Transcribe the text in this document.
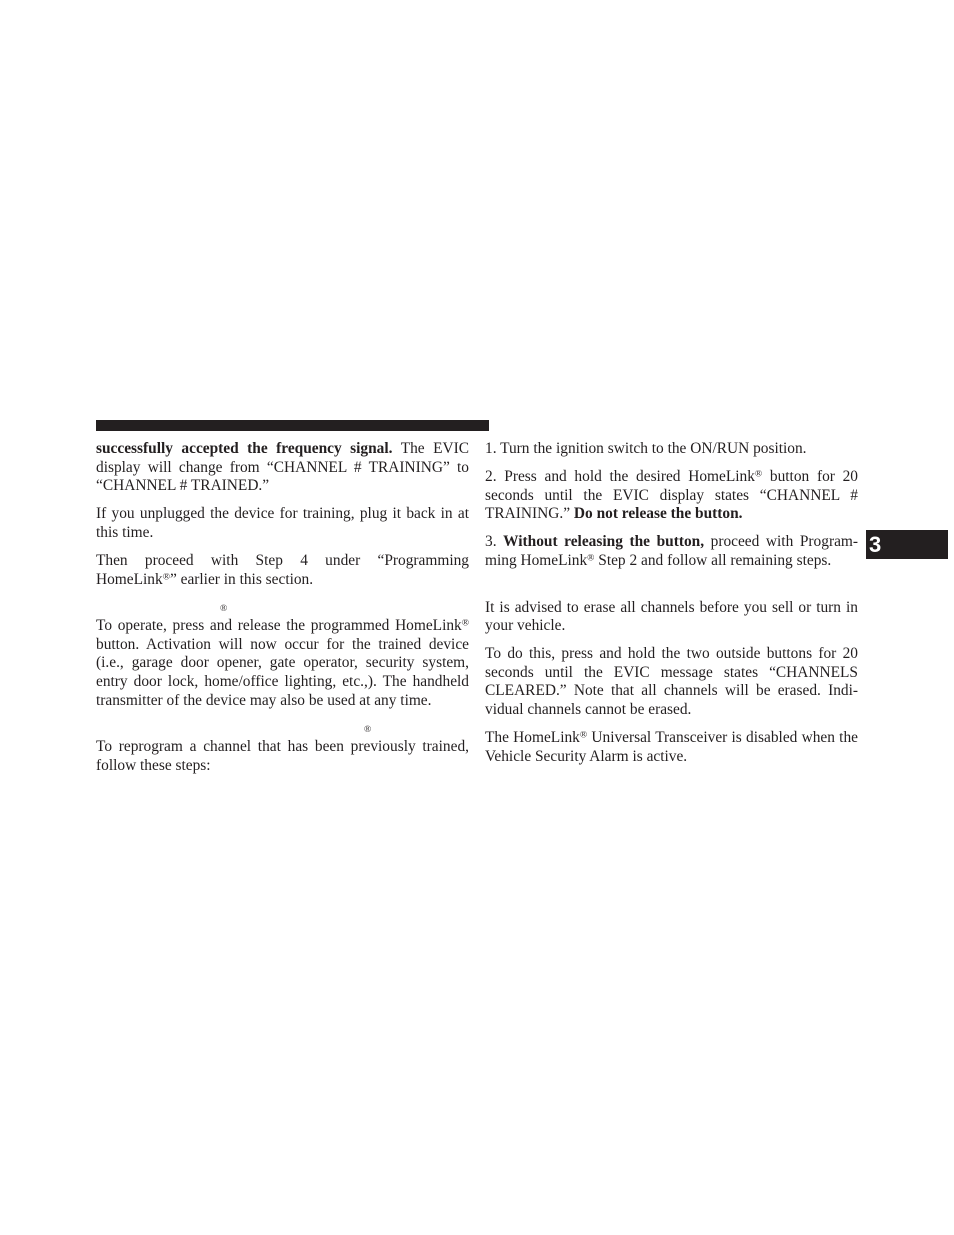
successfully accepted the frequency signal. The EVIC display will change from “CHANNEL # TRAINING” to “CHANNEL # TRAINED.”

If you unplugged the device for training, plug it back in at this time.

Then proceed with Step 4 under “Programming HomeLink®” earlier in this section.

®

To operate, press and release the programmed HomeLink® button. Activation will now occur for the trained device (i.e., garage door opener, gate operator, security system, entry door lock, home/office lighting, etc.,). The handheld transmitter of the device may also be used at any time.

®

To reprogram a channel that has been previously trained, follow these steps:

1. Turn the ignition switch to the ON/RUN position.

2. Press and hold the desired HomeLink® button for 20 seconds until the EVIC display states “CHANNEL # TRAINING.” Do not release the button.

3. Without releasing the button, proceed with Program-ming HomeLink® Step 2 and follow all remaining steps.

It is advised to erase all channels before you sell or turn in your vehicle.

To do this, press and hold the two outside buttons for 20 seconds until the EVIC message states “CHANNELS CLEARED.” Note that all channels will be erased. Indi-vidual channels cannot be erased.

The HomeLink® Universal Transceiver is disabled when the Vehicle Security Alarm is active.

3
